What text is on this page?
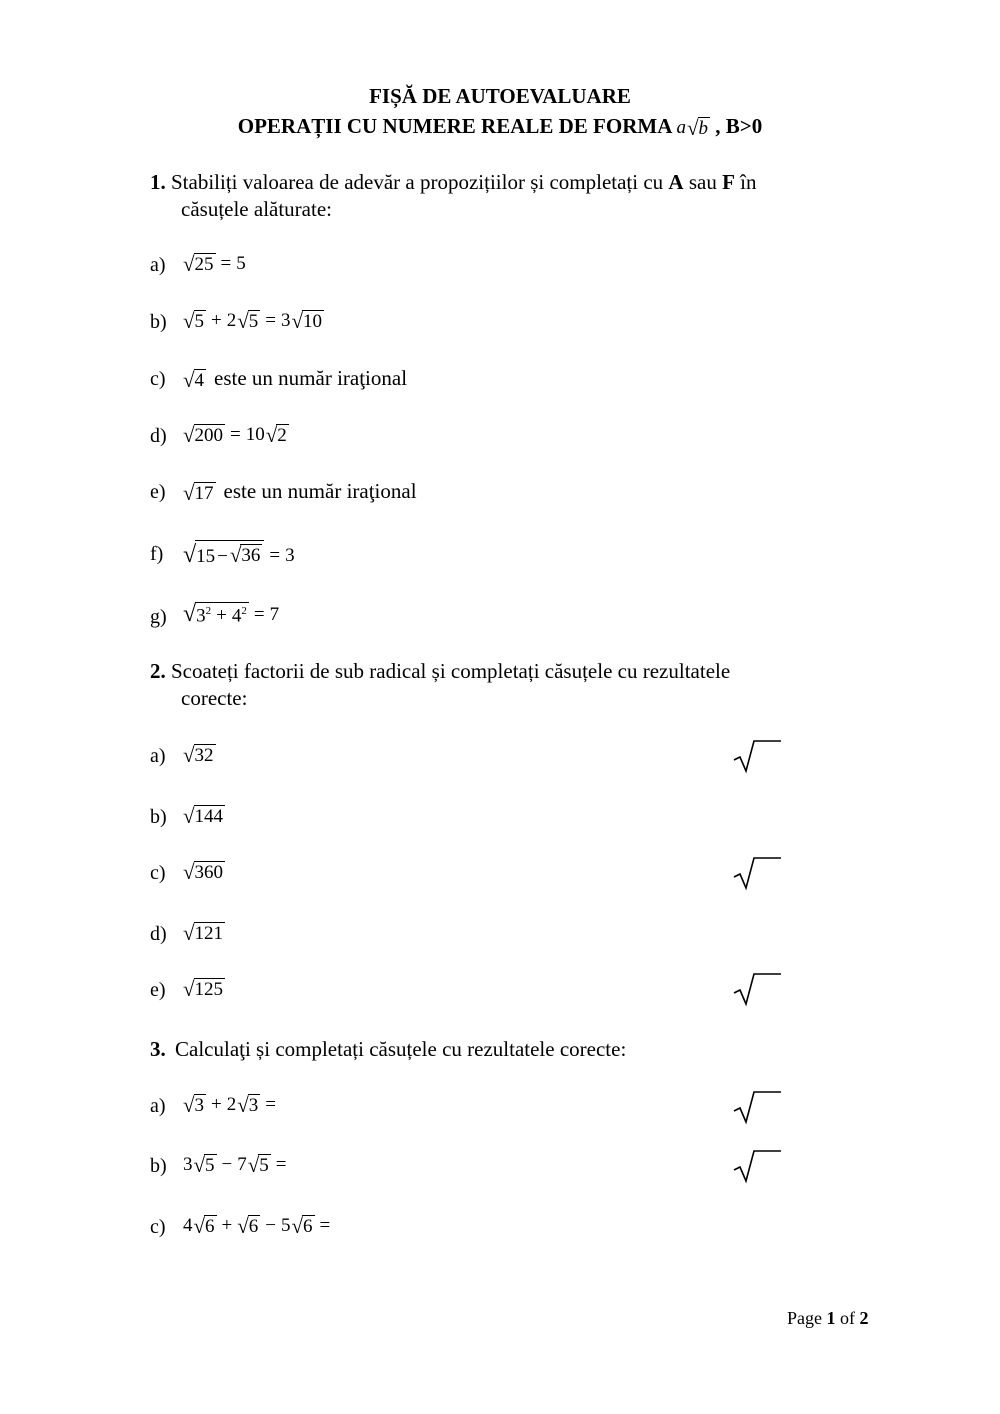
FIȘĂ DE AUTOEVALUARE
OPERAȚII CU NUMERE REALE DE FORMA a √ b , B>0
1. Stabiliți valoarea de adevăr a propozițiilor și completați cu A sau F în
căsuțele alăturate:
a) √ 25 = 5
b) √ 5 + 2 √ 5 = 3 √ 10
c) √ 4 este un număr iraţional
d) √ 200 = 10 √ 2
e) √ 17 este un număr iraţional
f) √ 15 − √ 36 = 3
g) √ $3^2 + 4^2 = 7$
2. Scoateți factorii de sub radical și completați căsuțele cu rezultatele
corecte:
a) √ 32
b) √ 144
c) √ 360
d) √ 121
e) √ 125
3. Calculaţi și completați căsuțele cu rezultatele corecte:
a) √ 3 + 2 √ 3 =
b) 3 √ 5 − 7 √ 5 =
c) 4 √ 6 + √ 6 − 5 √ 6 =
Page 1 of 2
